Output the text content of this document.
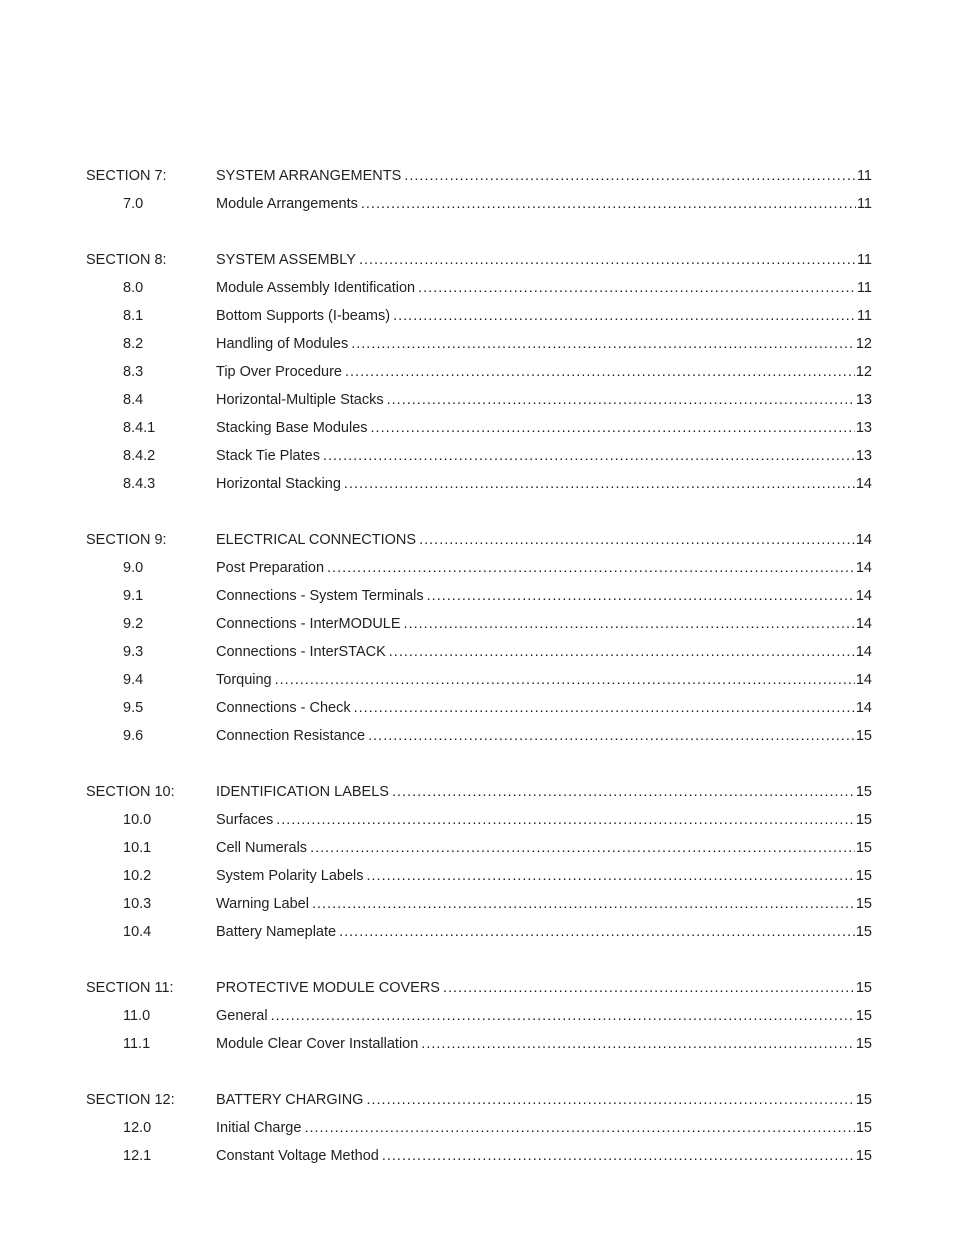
SECTION 7:	SYSTEM ARRANGEMENTS .....	11
7.0	Module Arrangements .....	11
SECTION 8:	SYSTEM ASSEMBLY .....	11
8.0	Module Assembly Identification .....	11
8.1	Bottom Supports (I-beams) .....	11
8.2	Handling of Modules .....	12
8.3	Tip Over Procedure .....	12
8.4	Horizontal-Multiple Stacks .....	13
8.4.1	Stacking Base Modules .....	13
8.4.2	Stack Tie Plates .....	13
8.4.3	Horizontal Stacking .....	14
SECTION 9:	ELECTRICAL CONNECTIONS .....	14
9.0	Post Preparation .....	14
9.1	Connections - System Terminals .....	14
9.2	Connections - InterMODULE .....	14
9.3	Connections - InterSTACK .....	14
9.4	Torquing .....	14
9.5	Connections - Check .....	14
9.6	Connection Resistance .....	15
SECTION 10:	IDENTIFICATION LABELS .....	15
10.0	Surfaces .....	15
10.1	Cell Numerals .....	15
10.2	System Polarity Labels .....	15
10.3	Warning Label .....	15
10.4	Battery Nameplate .....	15
SECTION 11:	PROTECTIVE MODULE COVERS .....	15
11.0	General .....	15
11.1	Module Clear Cover Installation .....	15
SECTION 12:	BATTERY CHARGING .....	15
12.0	Initial Charge .....	15
12.1	Constant Voltage Method .....	15
